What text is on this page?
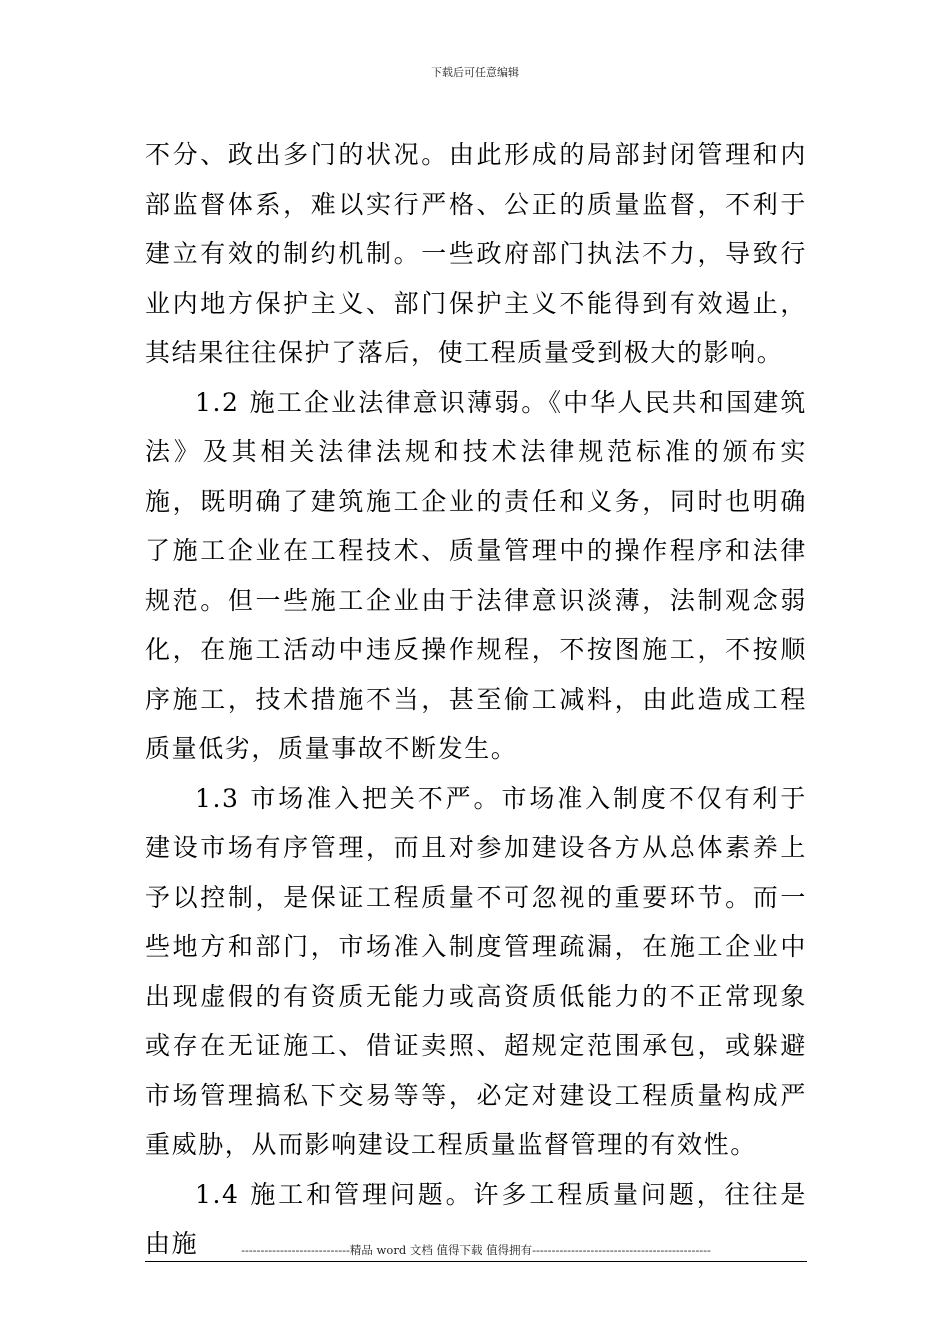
下载后可任意编辑

不分、政出多门的状况。由此形成的局部封闭管理和内部监督体系，难以实行严格、公正的质量监督，不利于建立有效的制约机制。一些政府部门执法不力，导致行业内地方保护主义、部门保护主义不能得到有效遏止，其结果往往保护了落后，使工程质量受到极大的影响。

1.2 施工企业法律意识薄弱。《中华人民共和国建筑法》及其相关法律法规和技术法律规范标准的颁布实施，既明确了建筑施工企业的责任和义务，同时也明确了施工企业在工程技术、质量管理中的操作程序和法律规范。但一些施工企业由于法律意识淡薄，法制观念弱化，在施工活动中违反操作规程，不按图施工，不按顺序施工，技术措施不当，甚至偷工减料，由此造成工程质量低劣，质量事故不断发生。

1.3 市场准入把关不严。市场准入制度不仅有利于建设市场有序管理，而且对参加建设各方从总体素养上予以控制，是保证工程质量不可忽视的重要环节。而一些地方和部门，市场准入制度管理疏漏，在施工企业中出现虚假的有资质无能力或高资质低能力的不正常现象或存在无证施工、借证卖照、超规定范围承包，或躲避市场管理搞私下交易等等，必定对建设工程质量构成严重威胁，从而影响建设工程质量监督管理的有效性。

1.4 施工和管理问题。许多工程质量问题，往往是由施	----------------------------精品 word 文档 值得下载 值得拥有----------------------------------------------
